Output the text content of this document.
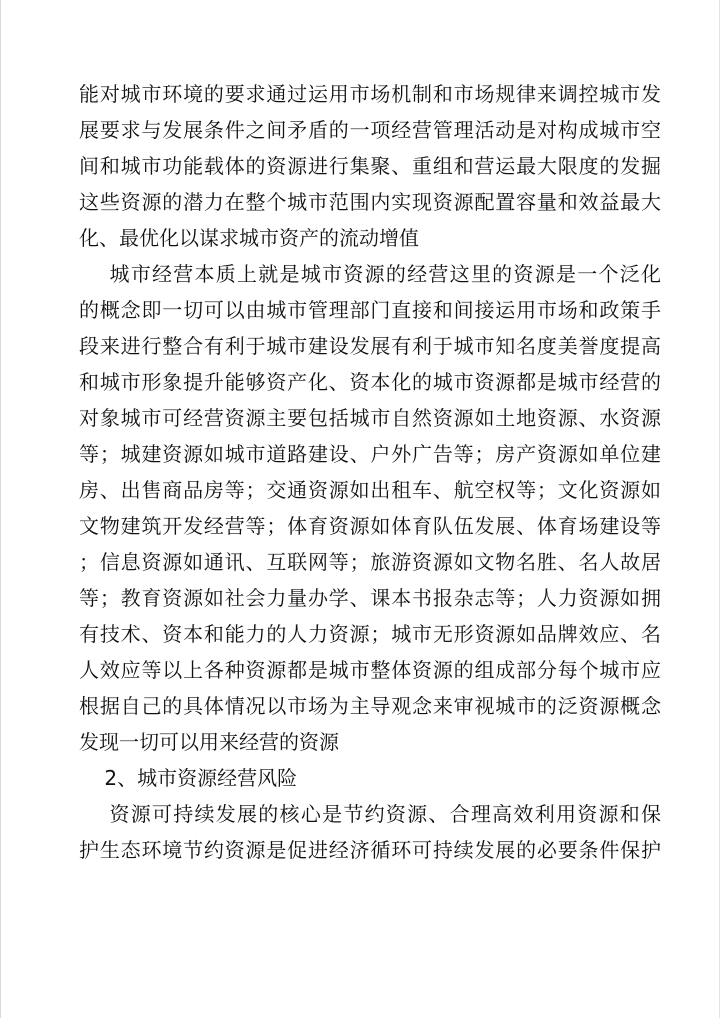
能对城市环境的要求通过运用市场机制和市场规律来调控城市发
展要求与发展条件之间矛盾的一项经营管理活动是对构成城市空
间和城市功能载体的资源进行集聚、重组和营运最大限度的发掘
这些资源的潜力在整个城市范围内实现资源配置容量和效益最大
化、最优化以谋求城市资产的流动增值
城市经营本质上就是城市资源的经营这里的资源是一个泛化
的概念即一切可以由城市管理部门直接和间接运用市场和政策手
段来进行整合有利于城市建设发展有利于城市知名度美誉度提高
和城市形象提升能够资产化、资本化的城市资源都是城市经营的
对象城市可经营资源主要包括城市自然资源如土地资源、水资源
等；城建资源如城市道路建设、户外广告等；房产资源如单位建
房、出售商品房等；交通资源如出租车、航空权等；文化资源如
文物建筑开发经营等；体育资源如体育队伍发展、体育场建设等
；信息资源如通讯、互联网等；旅游资源如文物名胜、名人故居
等；教育资源如社会力量办学、课本书报杂志等；人力资源如拥
有技术、资本和能力的人力资源；城市无形资源如品牌效应、名
人效应等以上各种资源都是城市整体资源的组成部分每个城市应
根据自己的具体情况以市场为主导观念来审视城市的泛资源概念
发现一切可以用来经营的资源
2、城市资源经营风险
资源可持续发展的核心是节约资源、合理高效利用资源和保
护生态环境节约资源是促进经济循环可持续发展的必要条件保护
